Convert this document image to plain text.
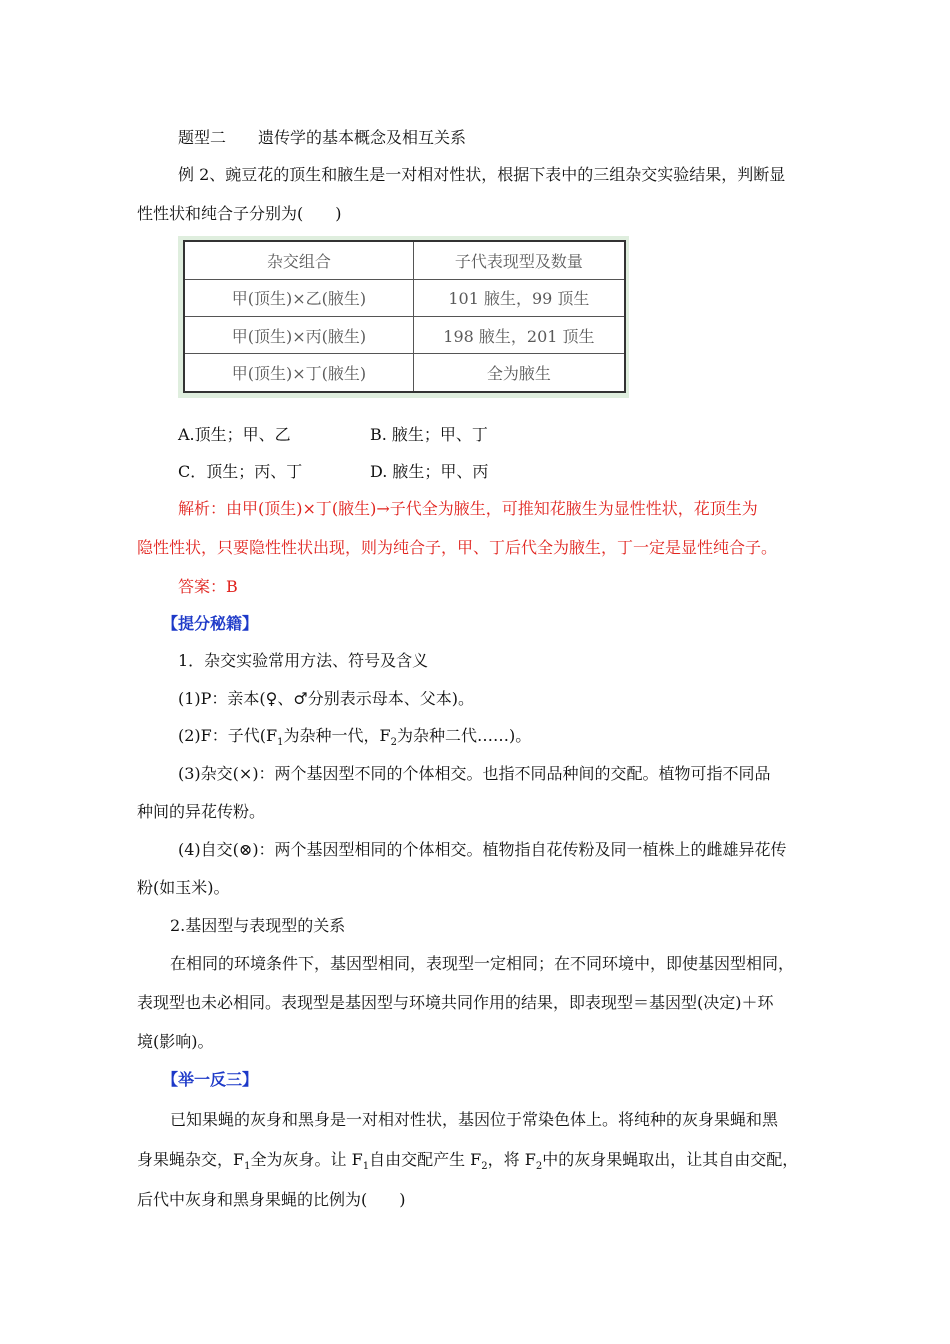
题型二　　遗传学的基本概念及相互关系
例 2、豌豆花的顶生和腋生是一对相对性状，根据下表中的三组杂交实验结果，判断显
性性状和纯合子分别为(　　)
杂交组合	子代表现型及数量
甲(顶生)×乙(腋生)	101 腋生，99 顶生
甲(顶生)×丙(腋生)	198 腋生，201 顶生
甲(顶生)×丁(腋生)	全为腋生
A.顶生；甲、乙	B. 腋生；甲、丁
C．顶生；丙、丁	D. 腋生；甲、丙
解析：由甲(顶生)×丁(腋生)→子代全为腋生，可推知花腋生为显性性状，花顶生为
隐性性状，只要隐性性状出现，则为纯合子，甲、丁后代全为腋生，丁一定是显性纯合子。
答案：B
【提分秘籍】
1．杂交实验常用方法、符号及含义
(1)P：亲本(♀、♂分别表示母本、父本)。
(2)F：子代($F_1$为杂种一代，$F_2$为杂种二代……)。
(3)杂交(×)：两个基因型不同的个体相交。也指不同品种间的交配。植物可指不同品
种间的异花传粉。
(4)自交(⊗)：两个基因型相同的个体相交。植物指自花传粉及同一植株上的雌雄异花传
粉(如玉米)。
2.基因型与表现型的关系
在相同的环境条件下，基因型相同，表现型一定相同；在不同环境中，即使基因型相同，
表现型也未必相同。表现型是基因型与环境共同作用的结果，即表现型＝基因型(决定)＋环
境(影响)。
【举一反三】
已知果蝇的灰身和黑身是一对相对性状，基因位于常染色体上。将纯种的灰身果蝇和黑
身果蝇杂交，$F_1$全为灰身。让 $F_1$自由交配产生 $F_2$，将 $F_2$中的灰身果蝇取出，让其自由交配，
后代中灰身和黑身果蝇的比例为(　　)
